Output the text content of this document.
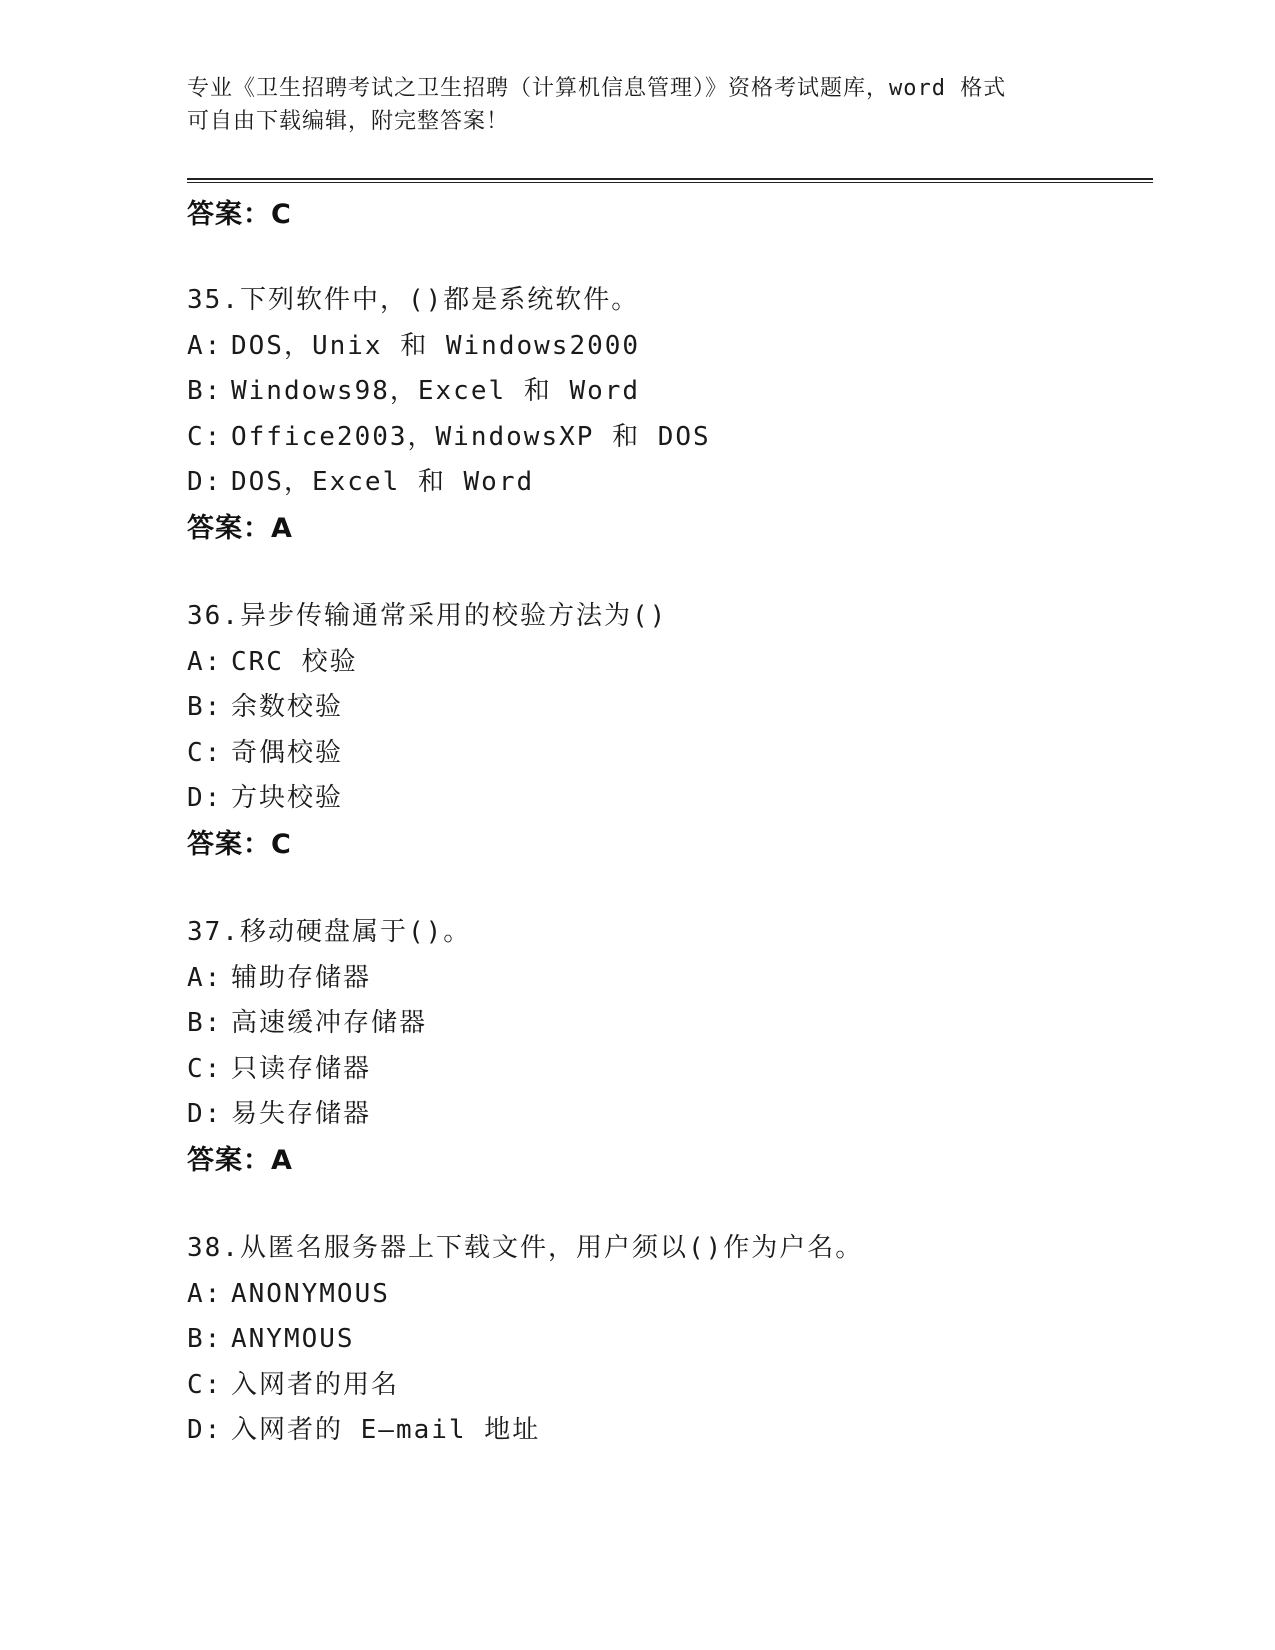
专业《卫生招聘考试之卫生招聘（计算机信息管理）》资格考试题库，word 格式
可自由下载编辑，附完整答案！
答案：C
35.下列软件中，()都是系统软件。
A: DOS，Unix 和 Windows2000
B: Windows98，Excel 和 Word
C: Office2003，WindowsXP 和 DOS
D: DOS，Excel 和 Word
答案：A
36.异步传输通常采用的校验方法为()
A: CRC 校验
B: 余数校验
C: 奇偶校验
D: 方块校验
答案：C
37.移动硬盘属于()。
A: 辅助存储器
B: 高速缓冲存储器
C: 只读存储器
D: 易失存储器
答案：A
38.从匿名服务器上下载文件，用户须以()作为户名。
A: ANONYMOUS
B: ANYMOUS
C: 入网者的用名
D: 入网者的 E—mail 地址
